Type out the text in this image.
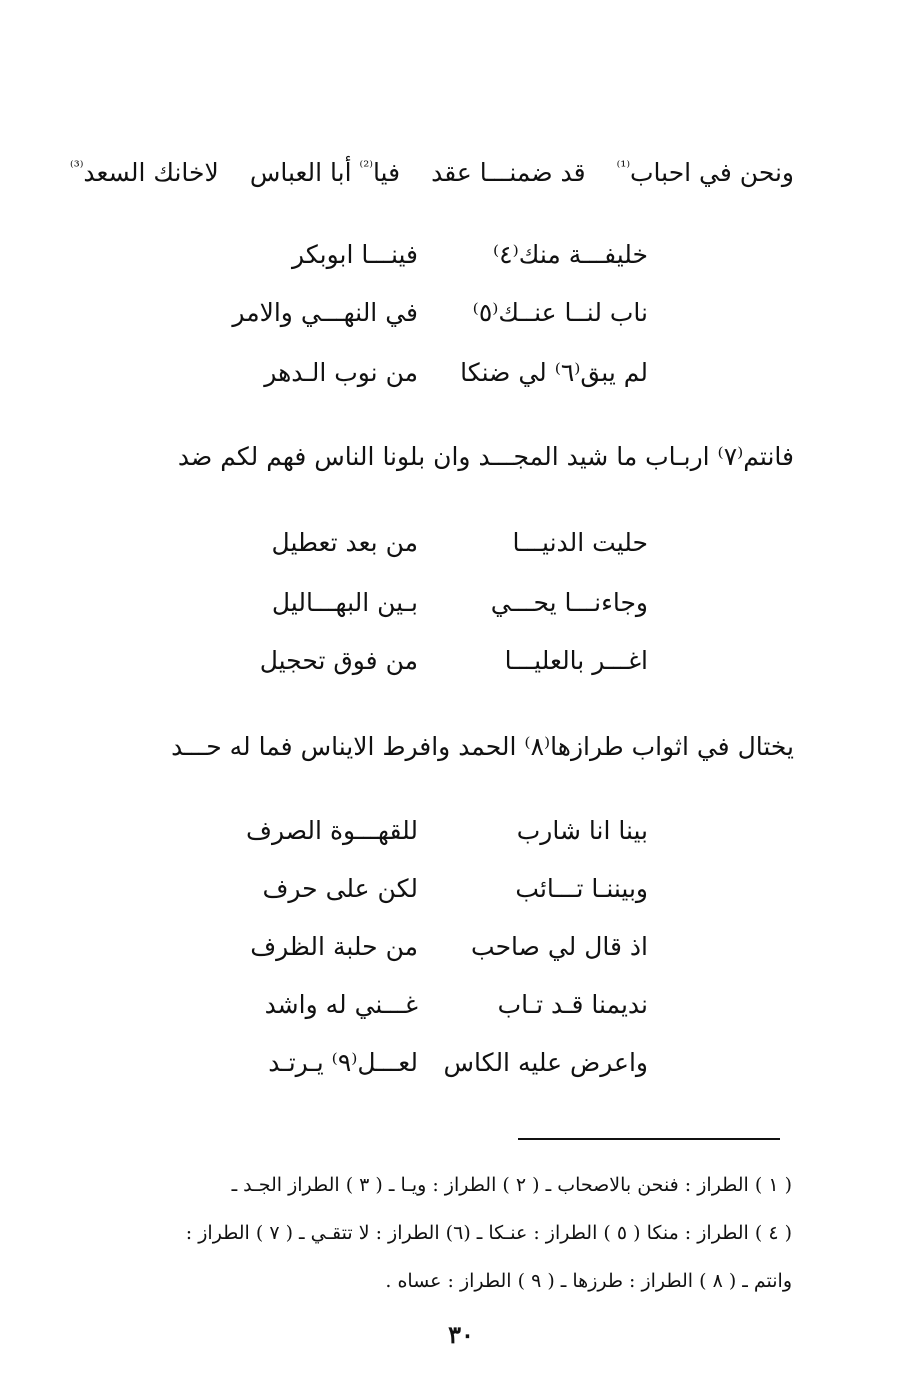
ونحن في احباب$^{^{(1)}}$
قد ضمنـــا عقد
فيا$^{^{(2)}}$ أبا العباس
لاخانك السعد$^{^{(3)}}$
خليفـــة منك⁽٤⁾
فينـــا ابوبكر
ناب لنــا عنــك⁽٥⁾
في النهـــي والامر
لم يبق⁽٦⁾ لي ضنكا
من نوب الـدهر
فانتم⁽٧⁾ اربـاب ما شيد المجـــد وان بلونا الناس فهم لكم ضد
حليت الدنيـــا
من بعد تعطيل
وجاءنـــا يحـــي
بـين البهـــاليل
اغـــر بالعليـــا
من فوق تحجيل
يختال في اثواب طرازها⁽٨⁾ الحمد وافرط الايناس فما له حـــد
بينا انا شارب
للقهـــوة الصرف
وبيننـا تـــائب
لكن على حرف
اذ قال لي صاحب
من حلبة الظرف
نديمنا قـد تـاب
غـــني له واشد
واعرض عليه الكاس
لعـــل⁽٩⁾ يـرتـد
( ١ ) الطراز : فنحن بالاصحاب ـ ( ٢ ) الطراز : ويـا ـ ( ٣ ) الطراز الجـد ـ
( ٤ ) الطراز : منكا ( ٥ ) الطراز : عنـكا ـ (٦) الطراز : لا تتقـي ـ ( ٧ ) الطراز :
وانتم ـ ( ٨ ) الطراز : طرزها ـ ( ٩ ) الطراز : عساه .
٣٠
